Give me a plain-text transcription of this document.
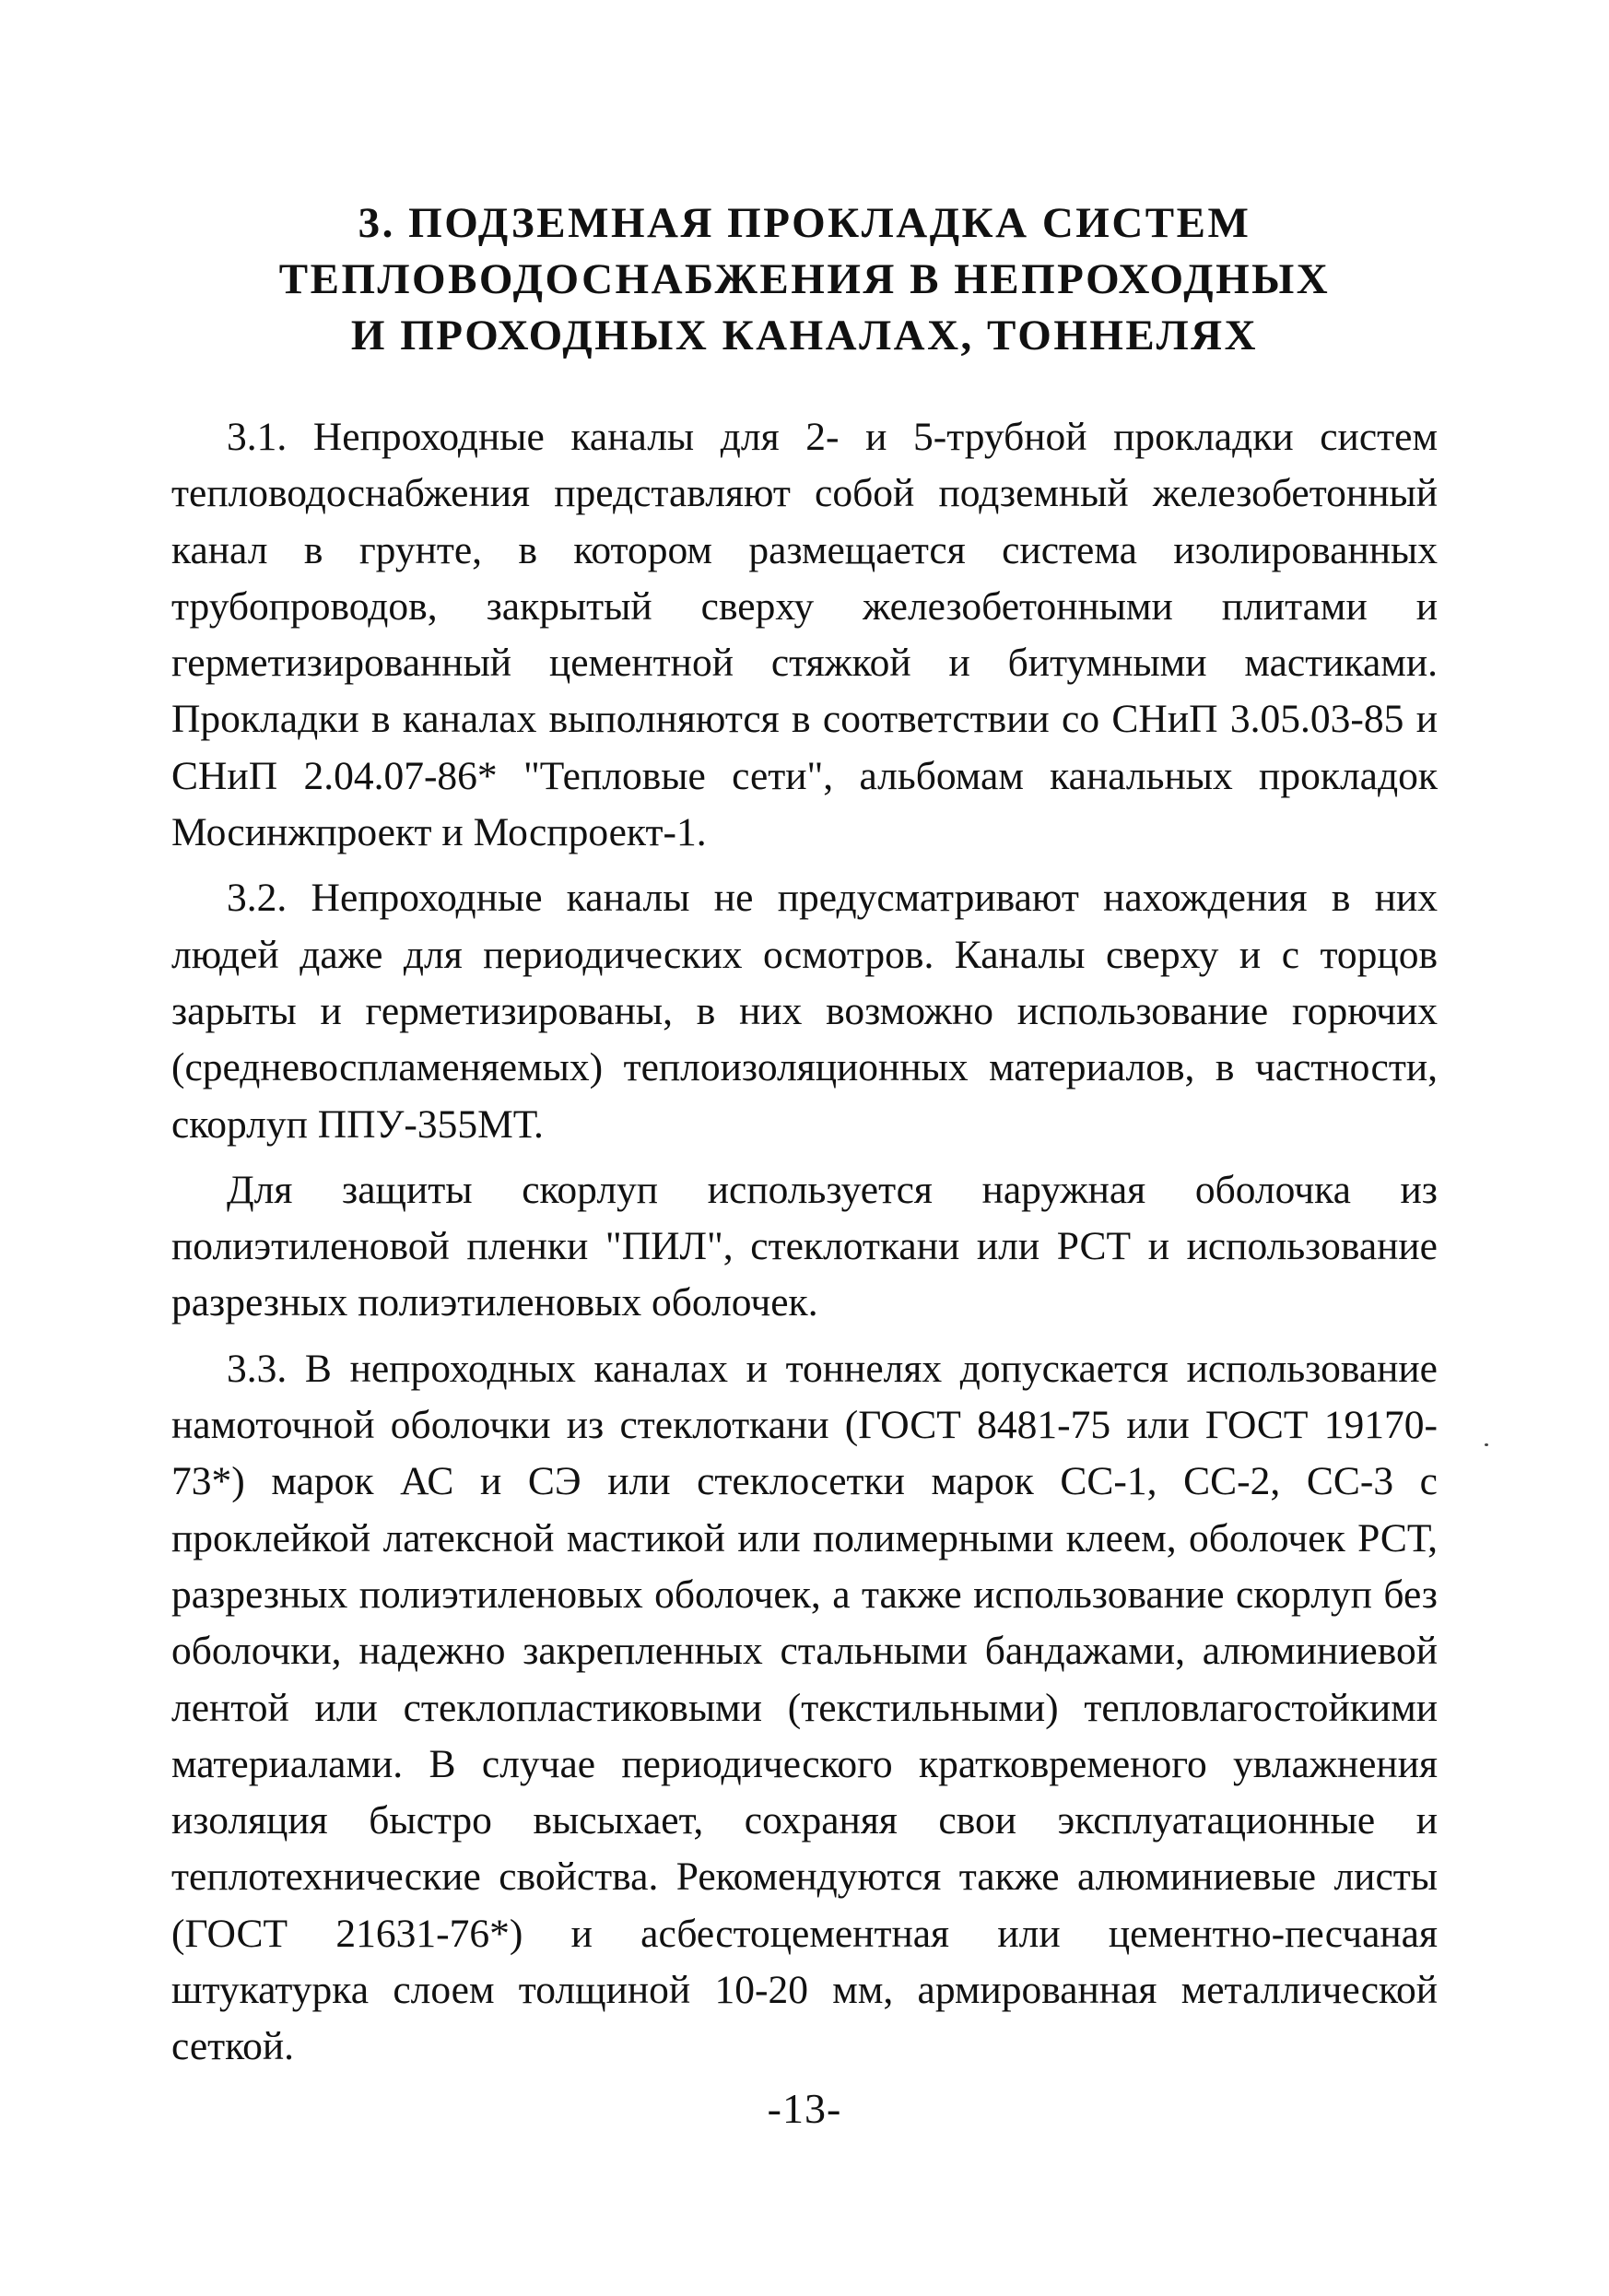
3. ПОДЗЕМНАЯ ПРОКЛАДКА СИСТЕМ
ТЕПЛОВОДОСНАБЖЕНИЯ В НЕПРОХОДНЫХ
И ПРОХОДНЫХ КАНАЛАХ, ТОННЕЛЯХ

3.1. Непроходные каналы для 2- и 5-трубной прокладки систем тепловодоснабжения представляют собой подземный железобетонный канал в грунте, в котором размещается система изолированных трубопроводов, закрытый сверху железобетонными плитами и герметизированный цементной стяжкой и битумными мастиками. Прокладки в каналах выполняются в соответствии со СНиП 3.05.03-85 и СНиП 2.04.07-86* "Тепловые сети", альбомам канальных прокладок Мосинжпроект и Моспроект-1.

3.2. Непроходные каналы не предусматривают нахождения в них людей даже для периодических осмотров. Каналы сверху и с торцов зарыты и герметизированы, в них возможно использование горючих (средневоспламеняемых) теплоизоляционных материалов, в частности, скорлуп ППУ-355МТ.

Для защиты скорлуп используется наружная оболочка из полиэтиленовой пленки "ПИЛ", стеклоткани или РСТ и использование разрезных полиэтиленовых оболочек.

3.3. В непроходных каналах и тоннелях допускается использование намоточной оболочки из стеклоткани (ГОСТ 8481-75 или ГОСТ 19170-73*) марок АС и СЭ или стеклосетки марок СС-1, СС-2, СС-3 с проклейкой латексной мастикой или полимерными клеем, оболочек РСТ, разрезных полиэтиленовых оболочек, а также использование скорлуп без оболочки, надежно закрепленных стальными бандажами, алюминиевой лентой или стеклопластиковыми (текстильными) тепловлагостойкими материалами. В случае периодического кратковременого увлажнения изоляция быстро высыхает, сохраняя свои эксплуатационные и теплотехнические свойства. Рекомендуются также алюминиевые листы (ГОСТ 21631-76*) и асбестоцементная или цементно-песчаная штукатурка слоем толщиной 10-20 мм, армированная металлической сеткой.

-13-
